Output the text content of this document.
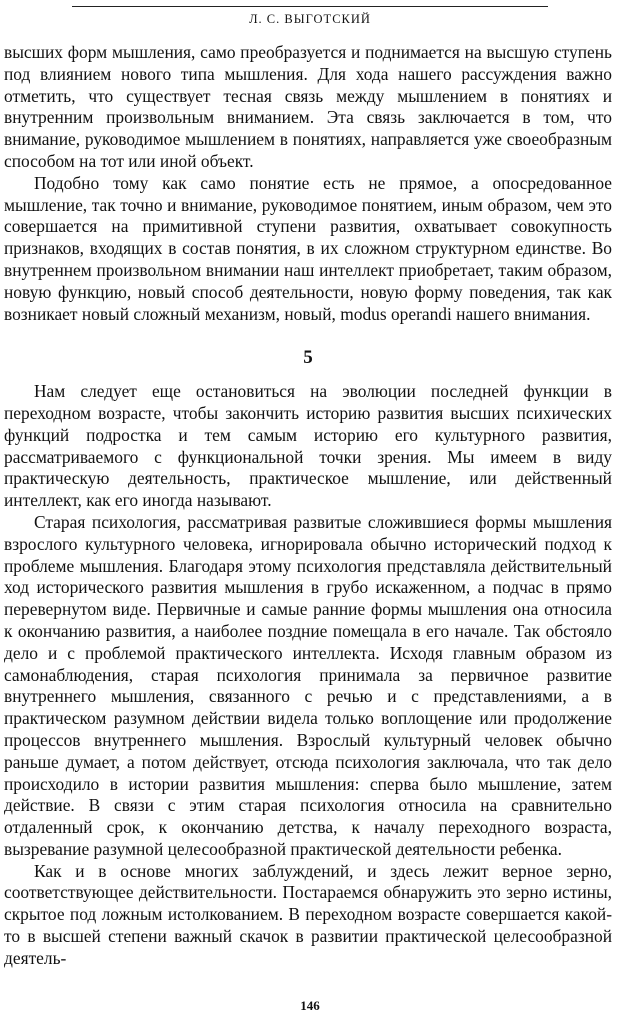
Л. С. ВЫГОТСКИЙ

высших форм мышления, само преобразуется и поднимается на высшую ступень под влиянием нового типа мышления. Для хода нашего рассуждения важно отметить, что существует тесная связь между мышлением в понятиях и внутренним произвольным вниманием. Эта связь заключается в том, что внимание, руководимое мышлением в понятиях, направляется уже своеобразным способом на тот или иной объект.

Подобно тому как само понятие есть не прямое, а опосредованное мышление, так точно и внимание, руководимое понятием, иным образом, чем это совершается на примитивной ступени развития, охватывает совокупность признаков, входящих в состав понятия, в их сложном структурном единстве. Во внутреннем произвольном внимании наш интеллект приобретает, таким образом, новую функцию, новый способ деятельности, новую форму поведения, так как возникает новый сложный механизм, новый, modus operandi нашего внимания.

5

Нам следует еще остановиться на эволюции последней функции в переходном возрасте, чтобы закончить историю развития высших психических функций подростка и тем самым историю его культурного развития, рассматриваемого с функциональной точки зрения. Мы имеем в виду практическую деятельность, практическое мышление, или действенный интеллект, как его иногда называют.

Старая психология, рассматривая развитые сложившиеся формы мышления взрослого культурного человека, игнорировала обычно исторический подход к проблеме мышления. Благодаря этому психология представляла действительный ход исторического развития мышления в грубо искаженном, а подчас в прямо перевернутом виде. Первичные и самые ранние формы мышления она относила к окончанию развития, а наиболее поздние помещала в его начале. Так обстояло дело и с проблемой практического интеллекта. Исходя главным образом из самонаблюдения, старая психология принимала за первичное развитие внутреннего мышления, связанного с речью и с представлениями, а в практическом разумном действии видела только воплощение или продолжение процессов внутреннего мышления. Взрослый культурный человек обычно раньше думает, а потом действует, отсюда психология заключала, что так дело происходило в истории развития мышления: сперва было мышление, затем действие. В связи с этим старая психология относила на сравнительно отдаленный срок, к окончанию детства, к началу переходного возраста, вызревание разумной целесообразной практической деятельности ребенка.

Как и в основе многих заблуждений, и здесь лежит верное зерно, соответствующее действительности. Постараемся обнаружить это зерно истины, скрытое под ложным истолкованием. В переходном возрасте совершается какой-то в высшей степени важный скачок в развитии практической целесообразной деятель-

146
